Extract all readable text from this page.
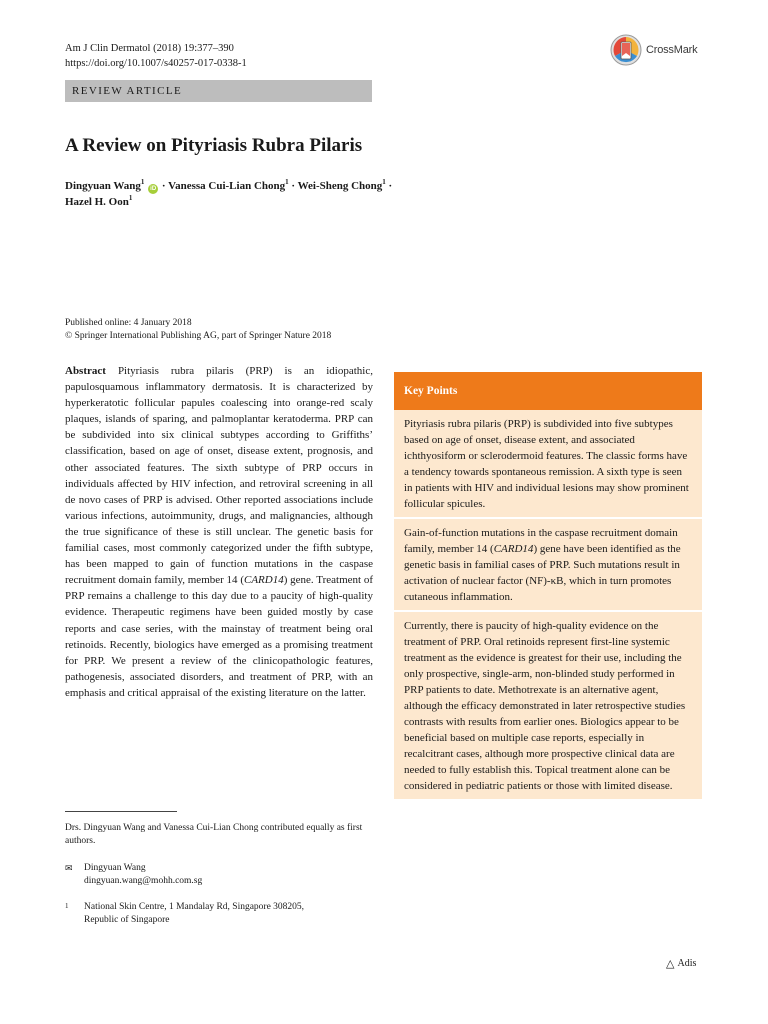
Am J Clin Dermatol (2018) 19:377–390
https://doi.org/10.1007/s40257-017-0338-1
CrossMark
REVIEW ARTICLE
A Review on Pityriasis Rubra Pilaris
Dingyuan Wang$^1$ iD · Vanessa Cui-Lian Chong$^1$ · Wei-Sheng Chong$^1$ ·
Hazel H. Oon$^1$
Published online: 4 January 2018
© Springer International Publishing AG, part of Springer Nature 2018
Abstract Pityriasis rubra pilaris (PRP) is an idiopathic, papulosquamous inflammatory dermatosis. It is characterized by hyperkeratotic follicular papules coalescing into orange-red scaly plaques, islands of sparing, and palmoplantar keratoderma. PRP can be subdivided into six clinical subtypes according to Griffiths’ classification, based on age of onset, disease extent, prognosis, and other associated features. The sixth subtype of PRP occurs in individuals affected by HIV infection, and retroviral screening in all de novo cases of PRP is advised. Other reported associations include various infections, autoimmunity, drugs, and malignancies, although the true significance of these is still unclear. The genetic basis for familial cases, most commonly categorized under the fifth subtype, has been mapped to gain of function mutations in the caspase recruitment domain family, member 14 (CARD14) gene. Treatment of PRP remains a challenge to this day due to a paucity of high-quality evidence. Therapeutic regimens have been guided mostly by case reports and case series, with the mainstay of treatment being oral retinoids. Recently, biologics have emerged as a promising treatment for PRP. We present a review of the clinicopathologic features, pathogenesis, associated disorders, and treatment of PRP, with an emphasis and critical appraisal of the existing literature on the latter.
Key Points
Pityriasis rubra pilaris (PRP) is subdivided into five subtypes based on age of onset, disease extent, and associated ichthyosiform or sclerodermoid features. The classic forms have a tendency towards spontaneous remission. A sixth type is seen in patients with HIV and individual lesions may show prominent follicular spicules.
Gain-of-function mutations in the caspase recruitment domain family, member 14 (CARD14) gene have been identified as the genetic basis in familial cases of PRP. Such mutations result in activation of nuclear factor (NF)-κB, which in turn promotes cutaneous inflammation.
Currently, there is paucity of high-quality evidence on the treatment of PRP. Oral retinoids represent first-line systemic treatment as the evidence is greatest for their use, including the only prospective, single-arm, non-blinded study performed in PRP patients to date. Methotrexate is an alternative agent, although the efficacy demonstrated in later retrospective studies contrasts with results from earlier ones. Biologics appear to be beneficial based on multiple case reports, especially in recalcitrant cases, although more prospective clinical data are needed to fully establish this. Topical treatment alone can be considered in pediatric patients or those with limited disease.
Drs. Dingyuan Wang and Vanessa Cui-Lian Chong contributed equally as first authors.
✉ Dingyuan Wang
dingyuan.wang@mohh.com.sg
1 National Skin Centre, 1 Mandalay Rd, Singapore 308205,
Republic of Singapore
△ Adis
